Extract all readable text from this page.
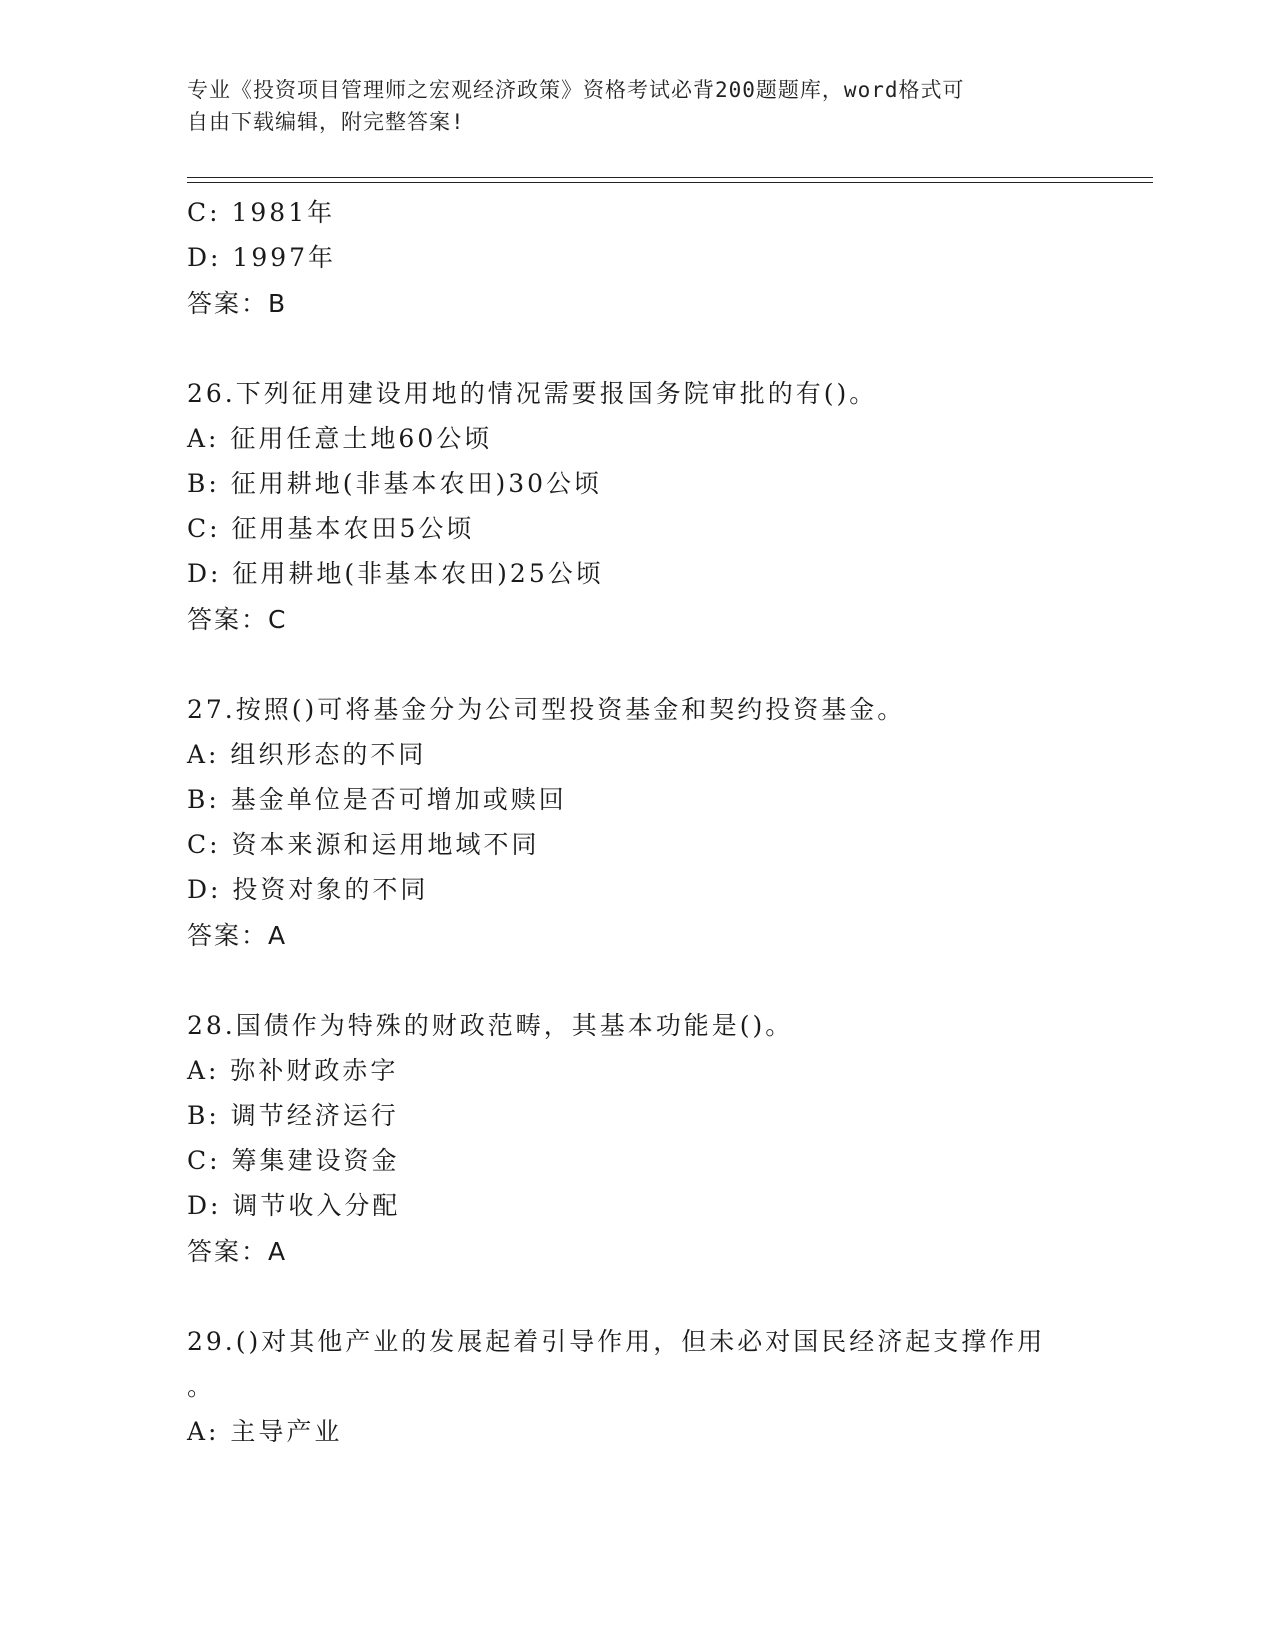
专业《投资项目管理师之宏观经济政策》资格考试必背200题题库，word格式可
自由下载编辑，附完整答案!
C: 1981年
D: 1997年
答案：B
26.下列征用建设用地的情况需要报国务院审批的有()。
A: 征用任意土地60公顷
B: 征用耕地(非基本农田)30公顷
C: 征用基本农田5公顷
D: 征用耕地(非基本农田)25公顷
答案：C
27.按照()可将基金分为公司型投资基金和契约投资基金。
A: 组织形态的不同
B: 基金单位是否可增加或赎回
C: 资本来源和运用地域不同
D: 投资对象的不同
答案：A
28.国债作为特殊的财政范畴，其基本功能是()。
A: 弥补财政赤字
B: 调节经济运行
C: 筹集建设资金
D: 调节收入分配
答案：A
29.()对其他产业的发展起着引导作用，但未必对国民经济起支撑作用
。
A: 主导产业
